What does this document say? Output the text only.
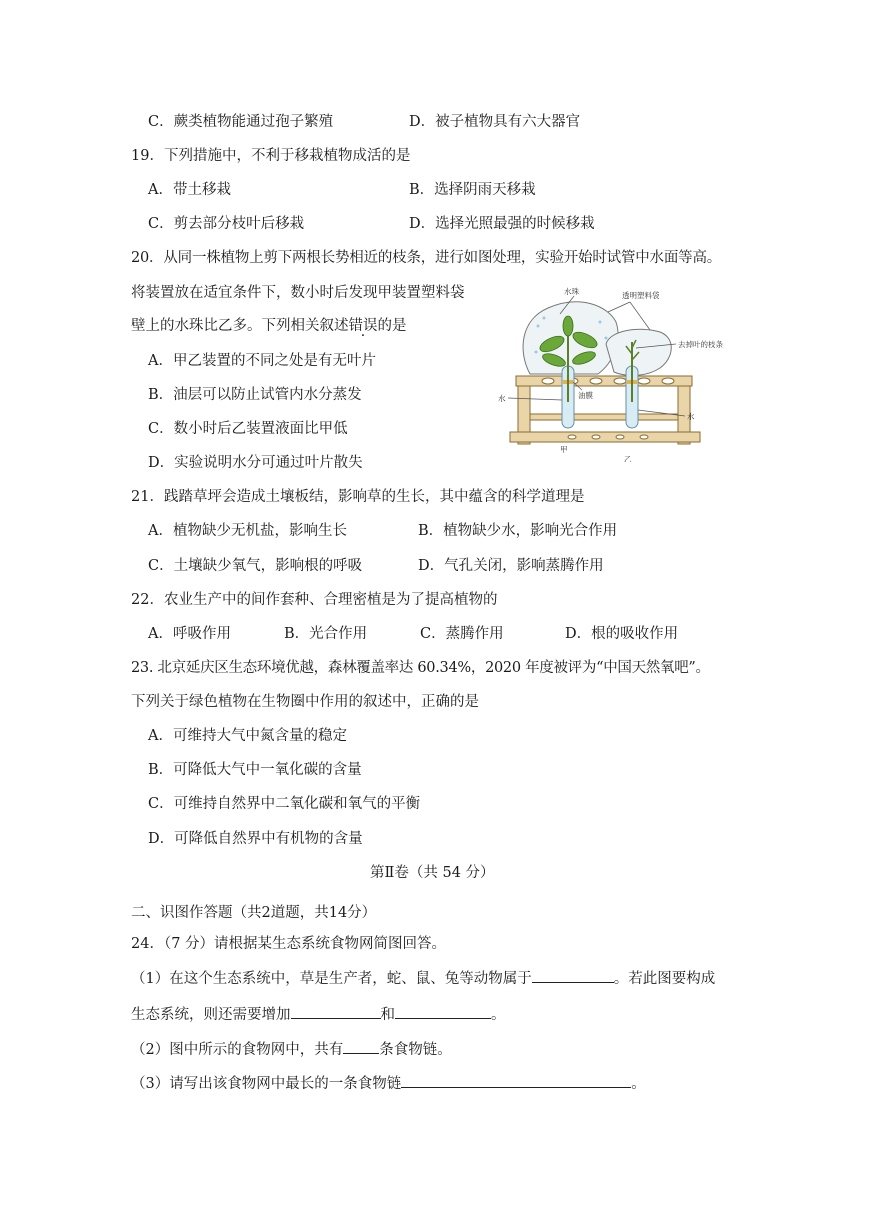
C．蕨类植物能通过孢子繁殖	D．被子植物具有六大器官
19．下列措施中，不利于移栽植物成活的是
A．带土移栽	B．选择阴雨天移栽
C．剪去部分枝叶后移栽	D．选择光照最强的时候移栽
20．从同一株植物上剪下两根长势相近的枝条，进行如图处理，实验开始时试管中水面等高。
将装置放在适宜条件下，数小时后发现甲装置塑料袋
壁上的水珠比乙多。下列相关叙述错误的是
A．甲乙装置的不同之处是有无叶片
B．油层可以防止试管内水分蒸发
C．数小时后乙装置液面比甲低
D．实验说明水分可通过叶片散失
水珠	透明塑料袋
去掉叶的枝条
水
水
油膜
甲
乙
21．践踏草坪会造成土壤板结，影响草的生长，其中蕴含的科学道理是
A．植物缺少无机盐，影响生长	B．植物缺少水，影响光合作用
C．土壤缺少氧气，影响根的呼吸	D．气孔关闭，影响蒸腾作用
22．农业生产中的间作套种、合理密植是为了提高植物的
A．呼吸作用	B．光合作用	C．蒸腾作用	D．根的吸收作用
23. 北京延庆区生态环境优越，森林覆盖率达 60.34%，2020 年度被评为“中国天然氧吧”。
下列关于绿色植物在生物圈中作用的叙述中，正确的是
A．可维持大气中氮含量的稳定
B．可降低大气中一氧化碳的含量
C．可维持自然界中二氧化碳和氧气的平衡
D．可降低自然界中有机物的含量
第Ⅱ卷（共 54 分）
二、识图作答题（共2道题，共14分）
24．（7 分）请根据某生态系统食物网简图回答。
（1）在这个生态系统中，草是生产者，蛇、鼠、兔等动物属于	。若此图要构成
生态系统，则还需要增加	和	。
（2）图中所示的食物网中，共有 条食物链。
（3）请写出该食物网中最长的一条食物链	。
